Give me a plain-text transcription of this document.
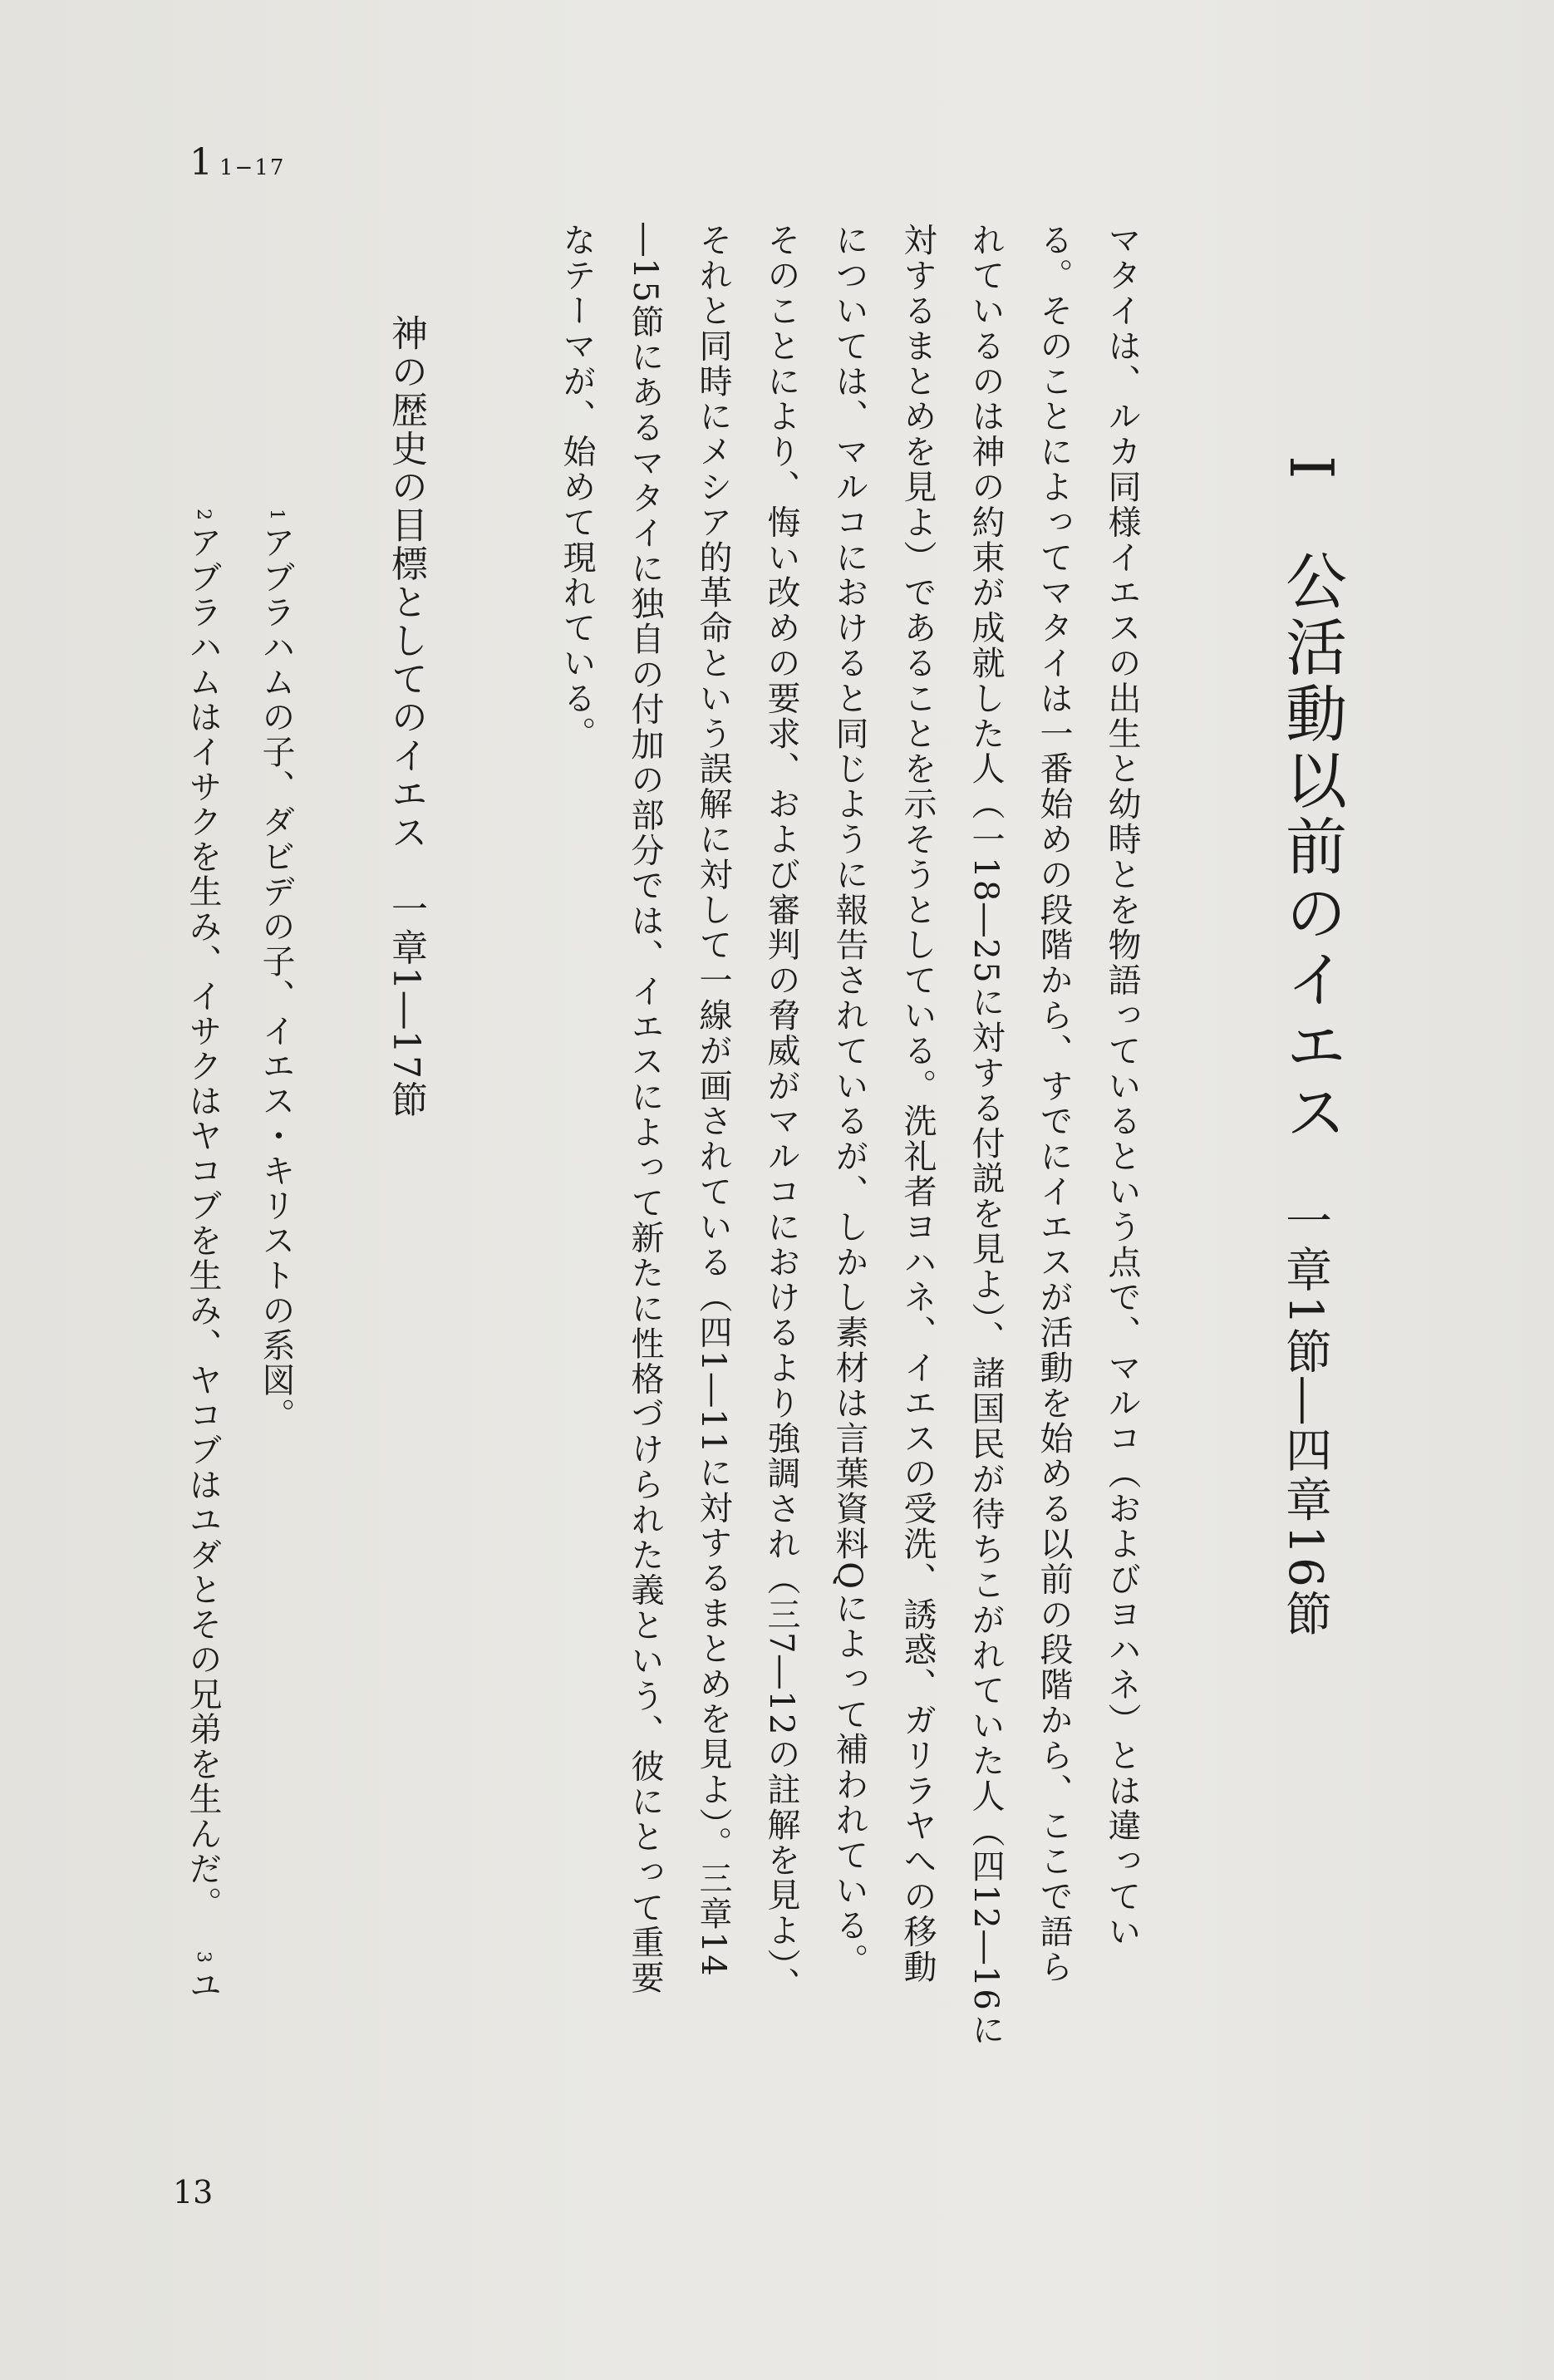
1 1−17
I公活動以前のイエス
一章1節―四章16節
マタイは、ルカ同様イエスの出生と幼時とを物語っているという点で、マルコ（およびヨハネ）とは違ってい
る。そのことによってマタイは一番始めの段階から、すでにイエスが活動を始める以前の段階から、ここで語ら
れているのは神の約束が成就した人（一18―25に対する付説を見よ）、諸国民が待ちこがれていた人（四12―16に
対するまとめを見よ）であることを示そうとしている。洗礼者ヨハネ、イエスの受洗、誘惑、ガリラヤへの移動
については、マルコにおけると同じように報告されているが、しかし素材は言葉資料Qによって補われている。
そのことにより、悔い改めの要求、および審判の脅威がマルコにおけるより強調され（三7―12の註解を見よ）、
それと同時にメシア的革命という誤解に対して一線が画されている（四1―11に対するまとめを見よ）。三章14
―15節にあるマタイに独自の付加の部分では、イエスによって新たに性格づけられた義という、彼にとって重要
なテーマが、始めて現れている。
神の歴史の目標としてのイエス　一章1―17節
1アブラハムの子、ダビデの子、イエス・キリストの系図。
2アブラハムはイサクを生み、イサクはヤコブを生み、ヤコブはユダとその兄弟を生んだ。3ユ
13
